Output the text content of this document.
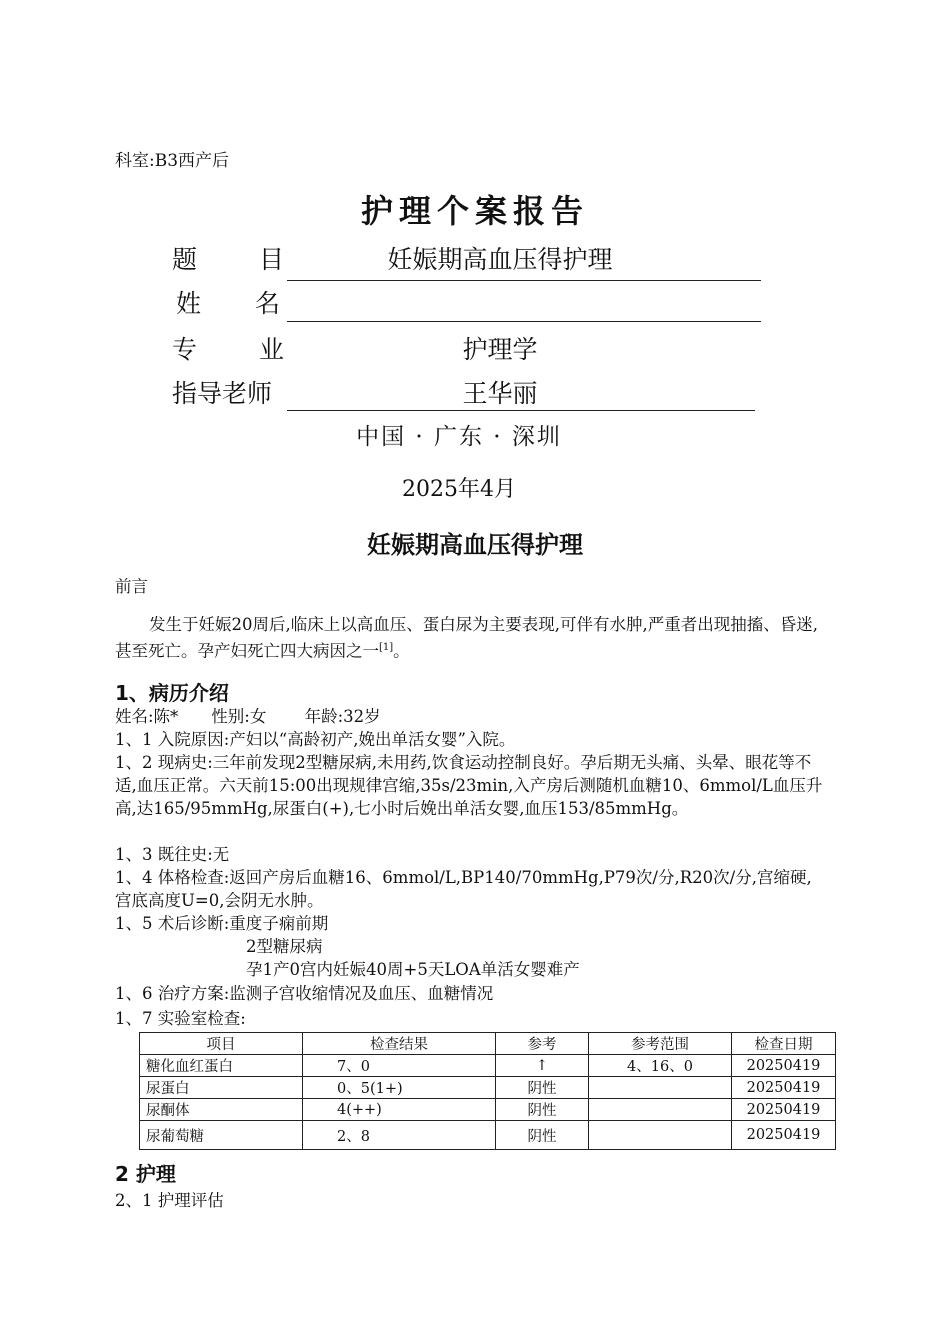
科室:B3西产后
护理个案报告
题目	妊娠期高血压得护理
姓名
专业	护理学
指导老师	王华丽
中国 · 广东 · 深圳
2025年4月
妊娠期高血压得护理
前言
发生于妊娠20周后,临床上以高血压、蛋白尿为主要表现,可伴有水肿,严重者出现抽搐、昏迷,甚至死亡。孕产妇死亡四大病因之一[1]。
1、病历介绍
姓名:陈*　　性别:女　　 年龄:32岁
1、1 入院原因:产妇以“高龄初产,娩出单活女婴”入院。
1、2 现病史:三年前发现2型糖尿病,未用药,饮食运动控制良好。孕后期无头痛、头晕、眼花等不适,血压正常。六天前15:00出现规律宫缩,35s/23min,入产房后测随机血糖10、6mmol/L血压升高,达165/95mmHg,尿蛋白(+),七小时后娩出单活女婴,血压153/85mmHg。
1、3 既往史:无
1、4 体格检查:返回产房后血糖16、6mmol/L,BP140/70mmHg,P79次/分,R20次/分,宫缩硬,宫底高度U=0,会阴无水肿。
1、5 术后诊断:重度子痫前期
2型糖尿病
孕1产0宫内妊娠40周+5天LOA单活女婴难产
1、6 治疗方案:监测子宫收缩情况及血压、血糖情况
1、7 实验室检查:
项目	检查结果	参考	参考范围	检查日期
糖化血红蛋白	7、0	↑	4、16、0	20250419
尿蛋白	0、5(1+)	阴性		20250419
尿酮体	4(++)	阴性		20250419
尿葡萄糖	2、8	阴性		20250419
2 护理
2、1 护理评估
